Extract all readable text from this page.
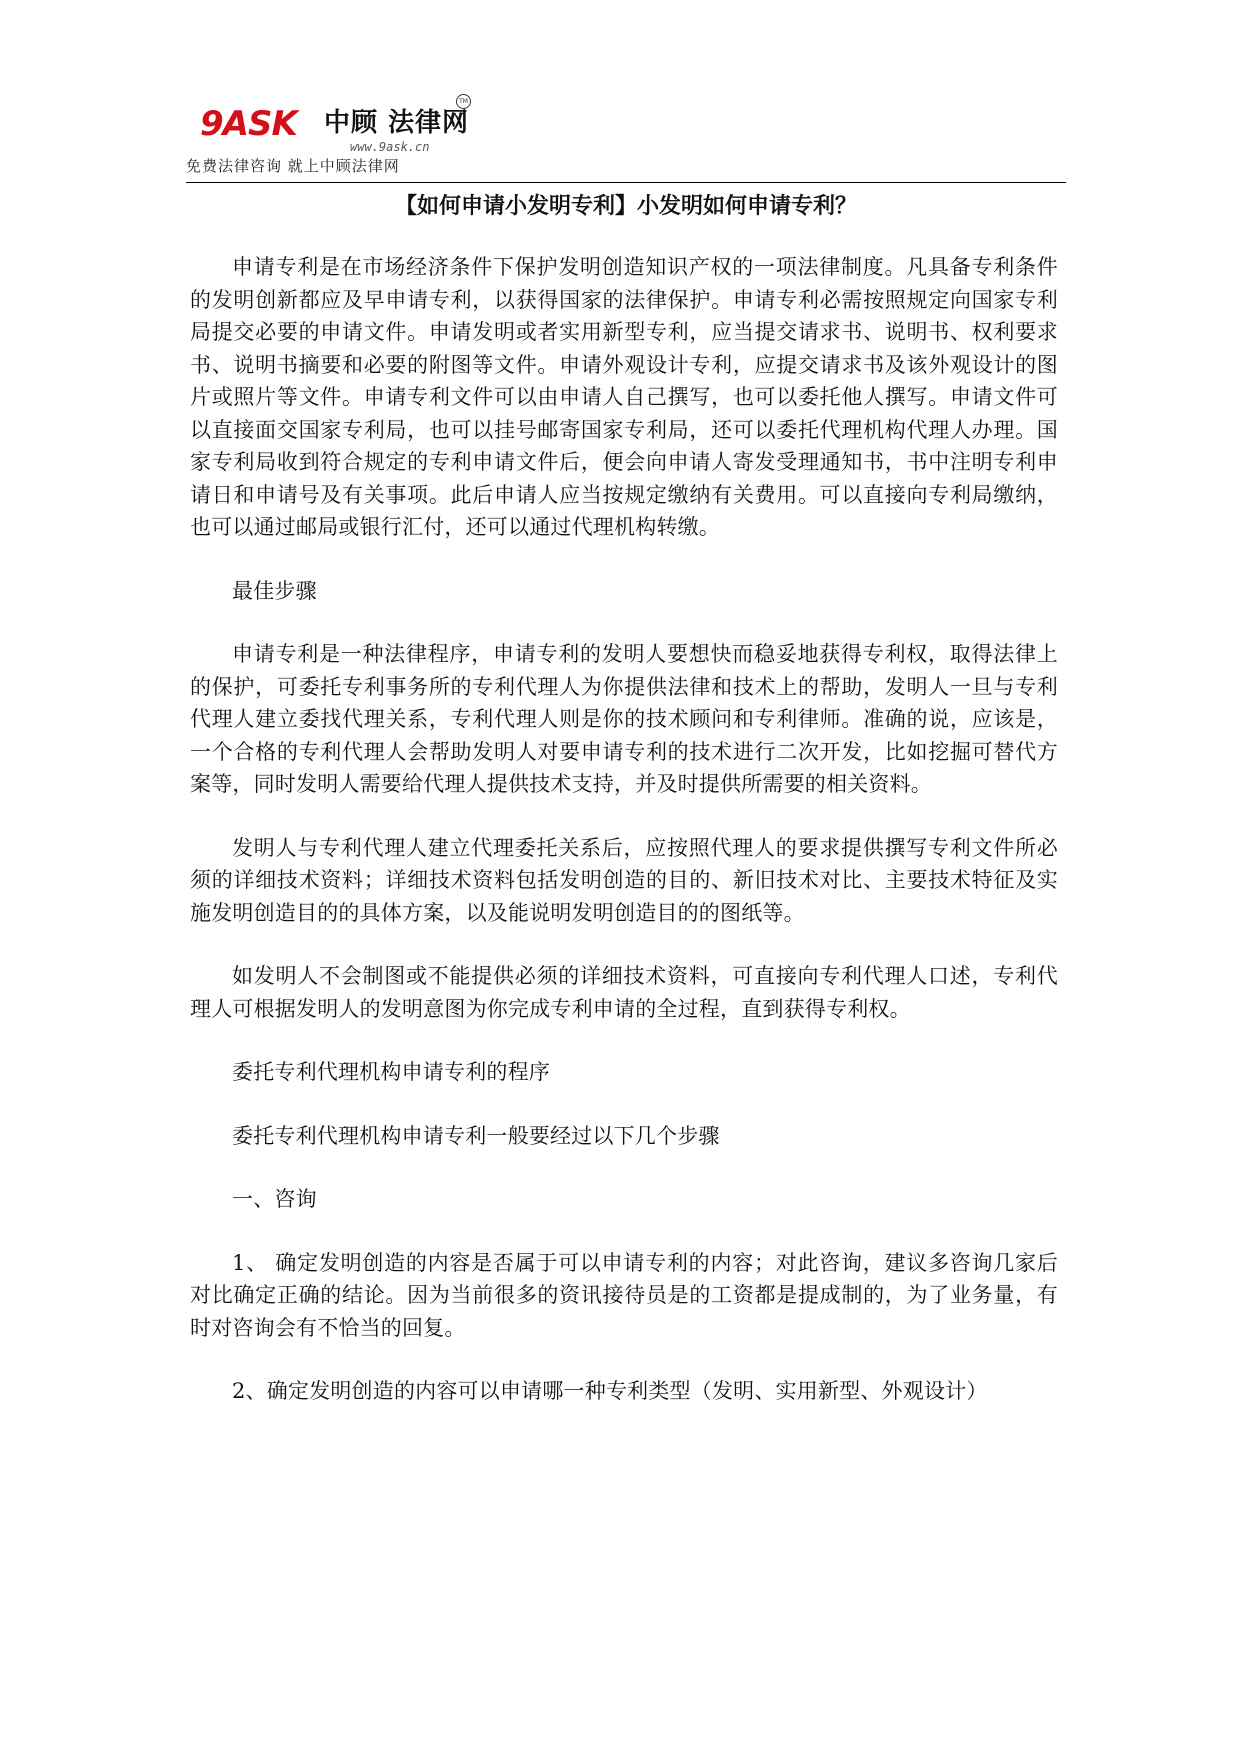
9ASK 中顾 法律网
TM
www.9ask.cn
免费法律咨询 就上中顾法律网
【如何申请小发明专利】小发明如何申请专利？

申请专利是在市场经济条件下保护发明创造知识产权的一项法律制度。凡具备专利条件的发明创新都应及早申请专利，以获得国家的法律保护。申请专利必需按照规定向国家专利局提交必要的申请文件。申请发明或者实用新型专利，应当提交请求书、说明书、权利要求书、说明书摘要和必要的附图等文件。申请外观设计专利，应提交请求书及该外观设计的图片或照片等文件。申请专利文件可以由申请人自己撰写，也可以委托他人撰写。申请文件可以直接面交国家专利局，也可以挂号邮寄国家专利局，还可以委托代理机构代理人办理。国家专利局收到符合规定的专利申请文件后，便会向申请人寄发受理通知书，书中注明专利申请日和申请号及有关事项。此后申请人应当按规定缴纳有关费用。可以直接向专利局缴纳，也可以通过邮局或银行汇付，还可以通过代理机构转缴。

最佳步骤

申请专利是一种法律程序，申请专利的发明人要想快而稳妥地获得专利权，取得法律上的保护，可委托专利事务所的专利代理人为你提供法律和技术上的帮助，发明人一旦与专利代理人建立委找代理关系，专利代理人则是你的技术顾问和专利律师。准确的说，应该是，一个合格的专利代理人会帮助发明人对要申请专利的技术进行二次开发，比如挖掘可替代方案等，同时发明人需要给代理人提供技术支持，并及时提供所需要的相关资料。

发明人与专利代理人建立代理委托关系后，应按照代理人的要求提供撰写专利文件所必须的详细技术资料；详细技术资料包括发明创造的目的、新旧技术对比、主要技术特征及实施发明创造目的的具体方案，以及能说明发明创造目的的图纸等。

如发明人不会制图或不能提供必须的详细技术资料，可直接向专利代理人口述，专利代理人可根据发明人的发明意图为你完成专利申请的全过程，直到获得专利权。

委托专利代理机构申请专利的程序

委托专利代理机构申请专利一般要经过以下几个步骤

一、咨询

1、 确定发明创造的内容是否属于可以申请专利的内容；对此咨询，建议多咨询几家后对比确定正确的结论。因为当前很多的资讯接待员是的工资都是提成制的，为了业务量，有时对咨询会有不恰当的回复。

2、确定发明创造的内容可以申请哪一种专利类型（发明、实用新型、外观设计）
